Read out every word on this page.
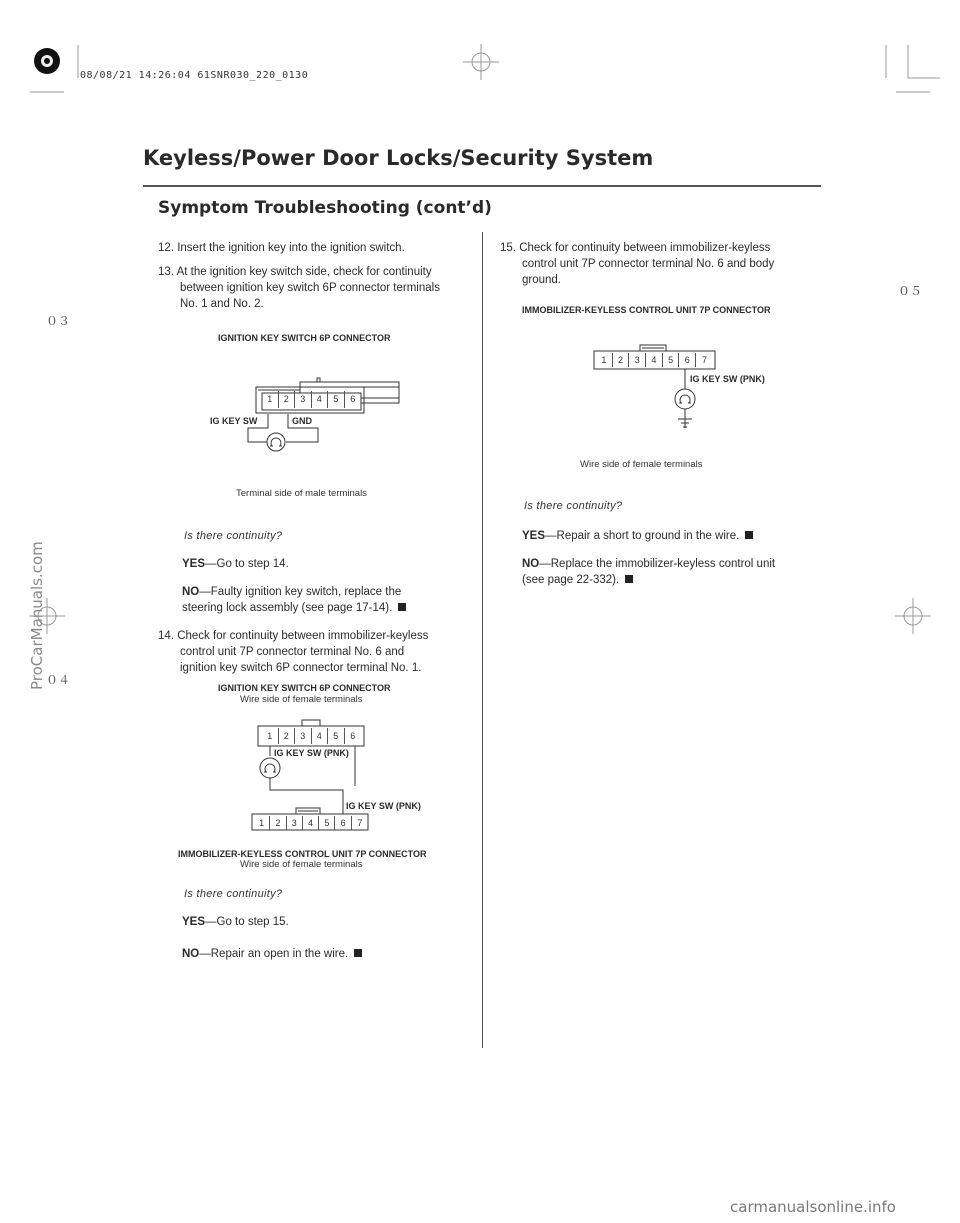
08/08/21 14:26:04 61SNR030_220_0130
Keyless/Power Door Locks/Security System
Symptom Troubleshooting (cont’d)
０３
０４
０５
ProCarManuals.com
12. Insert the ignition key into the ignition switch.
13. At the ignition key switch side, check for continuity
between ignition key switch 6P connector terminals
No. 1 and No. 2.
IGNITION KEY SWITCH 6P CONNECTOR
1	2	3	4	5	6
IG KEY SW	GND
Terminal side of male terminals
Is there continuity?
YES—Go to step 14.
NO—Faulty ignition key switch, replace the
steering lock assembly (see page 17-14).
14. Check for continuity between immobilizer-keyless
control unit 7P connector terminal No. 6 and
ignition key switch 6P connector terminal No. 1.
IGNITION KEY SWITCH 6P CONNECTOR
Wire side of female terminals
1	2	3	4	5	6
IG KEY SW (PNK)
IG KEY SW (PNK)
1	2	3	4	5	6	7
IMMOBILIZER-KEYLESS CONTROL UNIT 7P CONNECTOR
Wire side of female terminals
Is there continuity?
YES—Go to step 15.
NO—Repair an open in the wire.
15. Check for continuity between immobilizer-keyless
control unit 7P connector terminal No. 6 and body
ground.
IMMOBILIZER-KEYLESS CONTROL UNIT 7P CONNECTOR
1	2	3	4	5	6	7
IG KEY SW (PNK)
Wire side of female terminals
Is there continuity?
YES—Repair a short to ground in the wire.
NO—Replace the immobilizer-keyless control unit
(see page 22-332).
carmanualsonline.info
